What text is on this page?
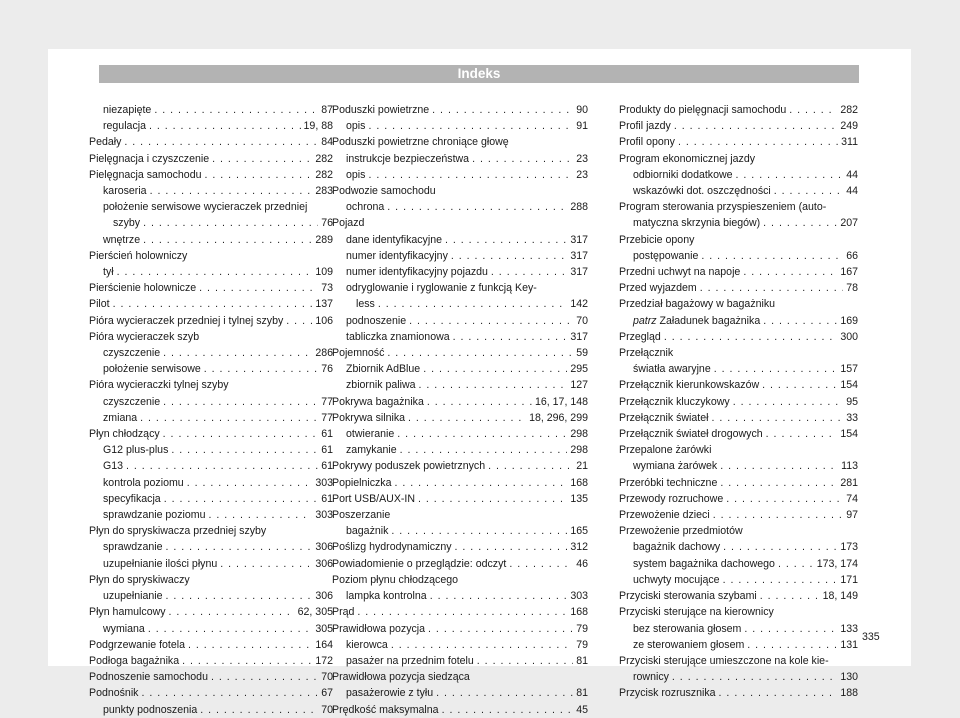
Indeks
niezapięte . . .	87
regulacja . . .	19, 88
Pedały . . .	84
Pielęgnacja i czyszczenie . . .	282
Pielęgnacja samochodu . . .	282
karoseria . . .	283
położenie serwisowe wycieraczek przedniej
szyby . . .	76
wnętrze . . .	289
Pierścień holowniczy
tył . . .	109
Pierścienie holownicze . . .	73
Pilot . . .	137
Pióra wycieraczek przedniej i tylnej szyby . . .	106
Pióra wycieraczek szyb
czyszczenie . . .	286
położenie serwisowe . . .	76
Pióra wycieraczki tylnej szyby
czyszczenie . . .	77
zmiana . . .	77
Płyn chłodzący . . .	61
G12 plus-plus . . .	61
G13 . . .	61
kontrola poziomu . . .	303
specyfikacja . . .	61
sprawdzanie poziomu . . .	303
Płyn do spryskiwacza przedniej szyby
sprawdzanie . . .	306
uzupełnianie ilości płynu . . .	306
Płyn do spryskiwaczy
uzupełnianie . . .	306
Płyn hamulcowy . . .	62, 305
wymiana . . .	305
Podgrzewanie fotela . . .	164
Podłoga bagażnika . . .	172
Podnoszenie samochodu . . .	70
Podnośnik . . .	67
punkty podnoszenia . . .	70
Poduszki powietrzne . . .	90
opis . . .	91
Poduszki powietrzne chroniące głowę
instrukcje bezpieczeństwa . . .	23
opis . . .	23
Podwozie samochodu
ochrona . . .	288
Pojazd
dane identyfikacyjne . . .	317
numer identyfikacyjny . . .	317
numer identyfikacyjny pojazdu . . .	317
odryglowanie i ryglowanie z funkcją Key-
less . . .	142
podnoszenie . . .	70
tabliczka znamionowa . . .	317
Pojemność . . .	59
Zbiornik AdBlue . . .	295
zbiornik paliwa . . .	127
Pokrywa bagażnika . . .	16, 17, 148
Pokrywa silnika . . .	18, 296, 299
otwieranie . . .	298
zamykanie . . .	298
Pokrywy poduszek powietrznych . . .	21
Popielniczka . . .	168
Port USB/AUX-IN . . .	135
Poszerzanie
bagażnik . . .	165
Poślizg hydrodynamiczny . . .	312
Powiadomienie o przeglądzie: odczyt . . .	46
Poziom płynu chłodzącego
lampka kontrolna . . .	303
Prąd . . .	168
Prawidłowa pozycja . . .	79
kierowca . . .	79
pasażer na przednim fotelu . . .	81
Prawidłowa pozycja siedząca
pasażerowie z tyłu . . .	81
Prędkość maksymalna . . .	45
Produkty do pielęgnacji samochodu . . .	282
Profil jazdy . . .	249
Profil opony . . .	311
Program ekonomicznej jazdy
odbiorniki dodatkowe . . .	44
wskazówki dot. oszczędności . . .	44
Program sterowania przyspieszeniem (auto-
matyczna skrzynia biegów) . . .	207
Przebicie opony
postępowanie . . .	66
Przedni uchwyt na napoje . . .	167
Przed wyjazdem . . .	78
Przedział bagażowy w bagażniku
patrz Załadunek bagażnika . . .	169
Przegląd . . .	300
Przełącznik
światła awaryjne . . .	157
Przełącznik kierunkowskazów . . .	154
Przełącznik kluczykowy . . .	95
Przełącznik świateł . . .	33
Przełącznik świateł drogowych . . .	154
Przepalone żarówki
wymiana żarówek . . .	113
Przeróbki techniczne . . .	281
Przewody rozruchowe . . .	74
Przewożenie dzieci . . .	97
Przewożenie przedmiotów
bagażnik dachowy . . .	173
system bagażnika dachowego . . .	173, 174
uchwyty mocujące . . .	171
Przyciski sterowania szybami . . .	18, 149
Przyciski sterujące na kierownicy
bez sterowania głosem . . .	133
ze sterowaniem głosem . . .	131
Przyciski sterujące umieszczone na kole kie-
rownicy . . .	130
Przycisk rozrusznika . . .	188
335
